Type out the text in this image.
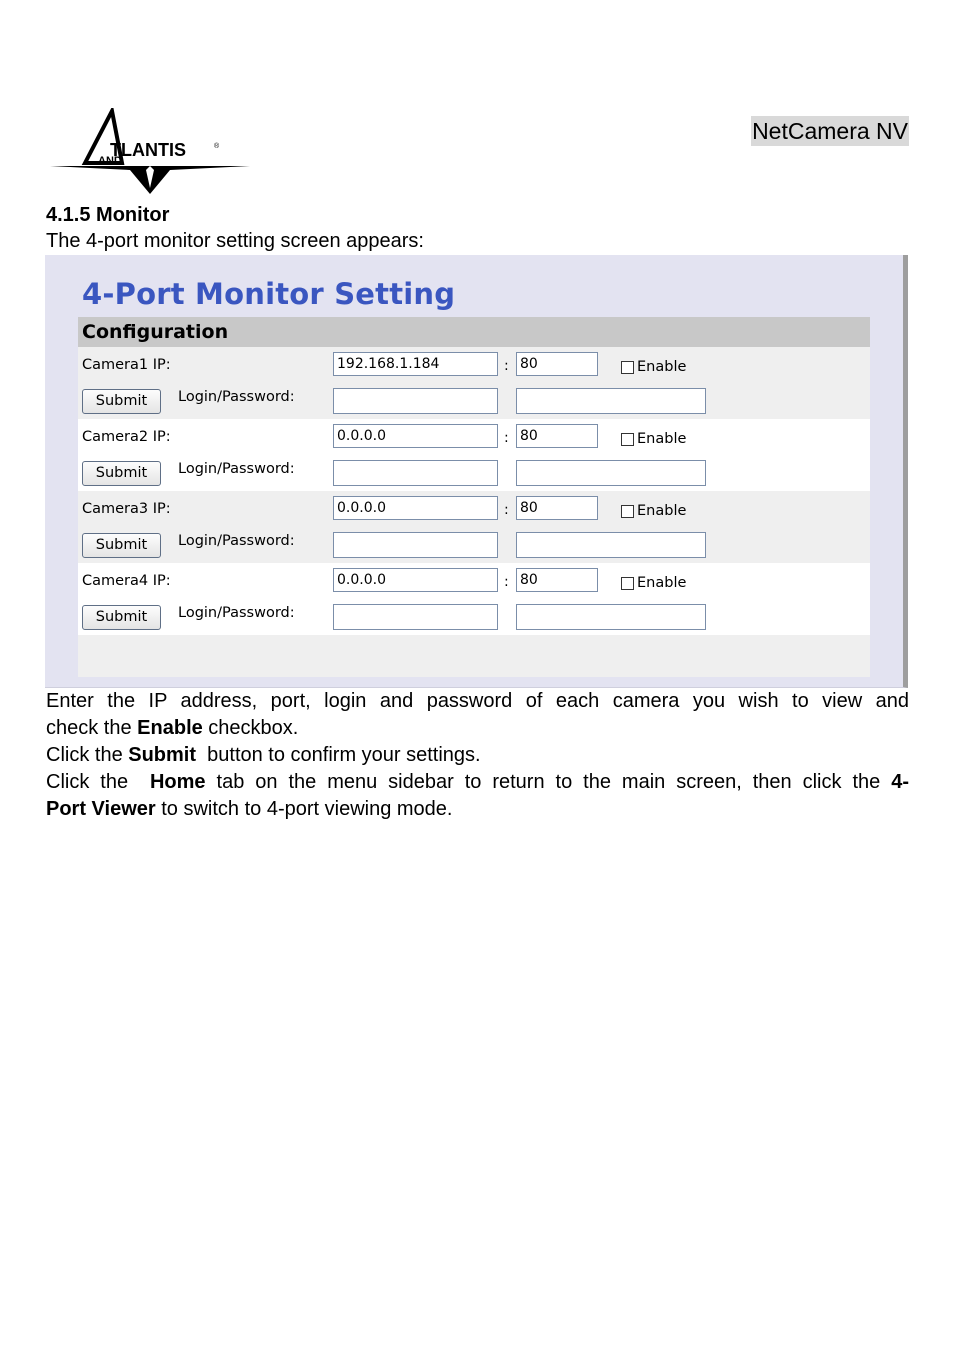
TLANTIS
AND
®
NetCamera NV
4.1.5 Monitor
The 4-port monitor setting screen appears:
4-Port Monitor Setting
Configuration
Camera1 IP:	192.168.1.184	: 80	Enable
Submit	Login/Password:
Camera2 IP:	0.0.0.0	: 80	Enable
Submit	Login/Password:
Camera3 IP:	0.0.0.0	: 80	Enable
Submit	Login/Password:
Camera4 IP:	0.0.0.0	: 80	Enable
Submit	Login/Password:
Enter the IP address, port, login and password of each camera you wish to view and
check the Enable checkbox.
Click the Submit  button to confirm your settings.
Click the  Home tab on the menu sidebar to return to the main screen, then click the 4-
Port Viewer to switch to 4-port viewing mode.
